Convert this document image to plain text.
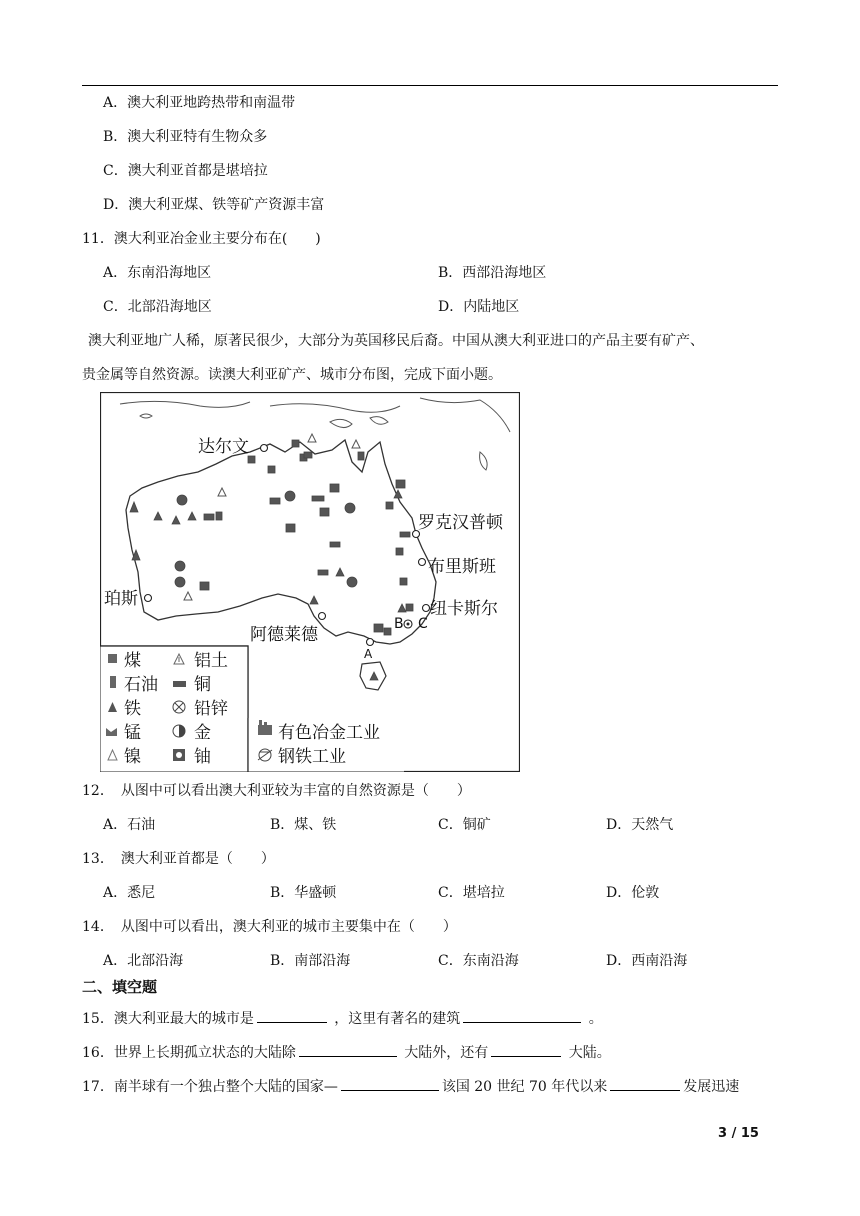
A．澳大利亚地跨热带和南温带
B．澳大利亚特有生物众多
C．澳大利亚首都是堪培拉
D．澳大利亚煤、铁等矿产资源丰富
11．澳大利亚冶金业主要分布在(　　)
A．东南沿海地区	B．西部沿海地区
C．北部沿海地区	D．内陆地区
澳大利亚地广人稀，原著民很少，大部分为英国移民后裔。中国从澳大利亚进口的产品主要有矿产、
贵金属等自然资源。读澳大利亚矿产、城市分布图，完成下面小题。
达尔文
罗克汉普顿
布里斯班
纽卡斯尔
珀斯
阿德莱德
A
B C
煤
石油
铁
锰
镍
铝土
铜
铅锌
金
铀
有色冶金工业
钢铁工业
12．　从图中可以看出澳大利亚较为丰富的自然资源是（　　）
A．石油	B．煤、铁	C．铜矿	D．天然气
13．　澳大利亚首都是（　　）
A．悉尼	B．华盛顿	C．堪培拉	D．伦敦
14．　从图中可以看出，澳大利亚的城市主要集中在（　　）
A．北部沿海	B．南部沿海	C．东南沿海	D．西南沿海
二、填空题
15．澳大利亚最大的城市是	，这里有著名的建筑	。
16．世界上长期孤立状态的大陆除	大陆外，还有	大陆。
17．南半球有一个独占整个大陆的国家—	该国 20 世纪 70 年代以来	发展迅速
3 / 15
